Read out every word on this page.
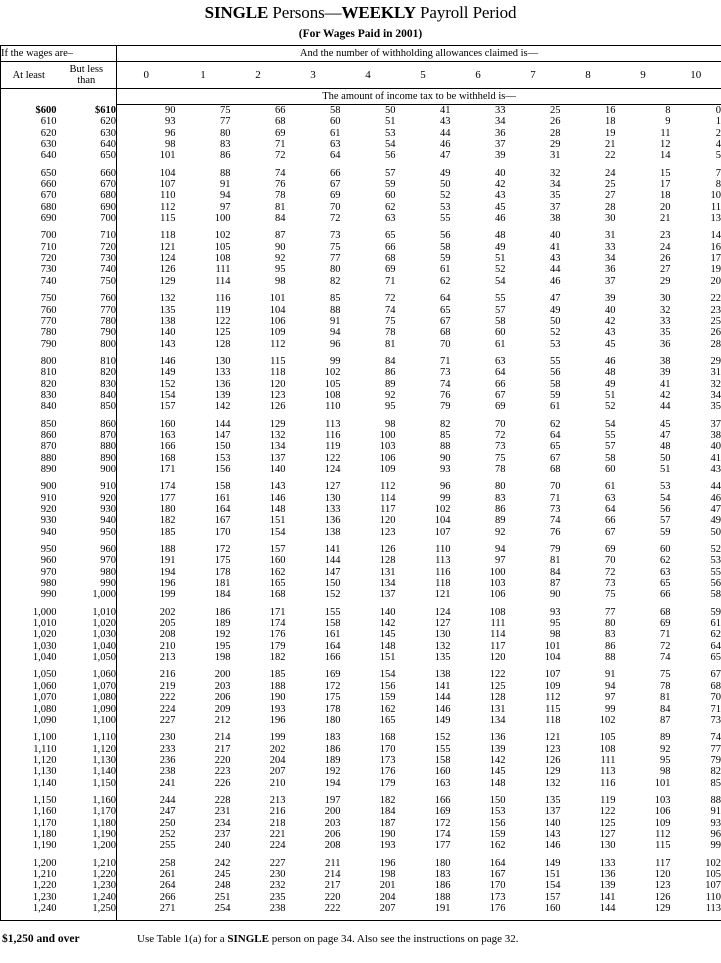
SINGLE Persons—WEEKLY Payroll Period
(For Wages Paid in 2001)
If the wages are–		And the number of withholding allowances claimed is—										
At least	But less
than	0	1	2	3	4	5	6	7	8	9	10
		The amount of income tax to be withheld is—										
$600	$610	90	75	66	58	50	41	33	25	16	8	0
610	620	93	77	68	60	51	43	34	26	18	9	1
620	630	96	80	69	61	53	44	36	28	19	11	2
630	640	98	83	71	63	54	46	37	29	21	12	4
640	650	101	86	72	64	56	47	39	31	22	14	5

650	660	104	88	74	66	57	49	40	32	24	15	7
660	670	107	91	76	67	59	50	42	34	25	17	8
670	680	110	94	78	69	60	52	43	35	27	18	10
680	690	112	97	81	70	62	53	45	37	28	20	11
690	700	115	100	84	72	63	55	46	38	30	21	13

700	710	118	102	87	73	65	56	48	40	31	23	14
710	720	121	105	90	75	66	58	49	41	33	24	16
720	730	124	108	92	77	68	59	51	43	34	26	17
730	740	126	111	95	80	69	61	52	44	36	27	19
740	750	129	114	98	82	71	62	54	46	37	29	20

750	760	132	116	101	85	72	64	55	47	39	30	22
760	770	135	119	104	88	74	65	57	49	40	32	23
770	780	138	122	106	91	75	67	58	50	42	33	25
780	790	140	125	109	94	78	68	60	52	43	35	26
790	800	143	128	112	96	81	70	61	53	45	36	28

800	810	146	130	115	99	84	71	63	55	46	38	29
810	820	149	133	118	102	86	73	64	56	48	39	31
820	830	152	136	120	105	89	74	66	58	49	41	32
830	840	154	139	123	108	92	76	67	59	51	42	34
840	850	157	142	126	110	95	79	69	61	52	44	35

850	860	160	144	129	113	98	82	70	62	54	45	37
860	870	163	147	132	116	100	85	72	64	55	47	38
870	880	166	150	134	119	103	88	73	65	57	48	40
880	890	168	153	137	122	106	90	75	67	58	50	41
890	900	171	156	140	124	109	93	78	68	60	51	43

900	910	174	158	143	127	112	96	80	70	61	53	44
910	920	177	161	146	130	114	99	83	71	63	54	46
920	930	180	164	148	133	117	102	86	73	64	56	47
930	940	182	167	151	136	120	104	89	74	66	57	49
940	950	185	170	154	138	123	107	92	76	67	59	50

950	960	188	172	157	141	126	110	94	79	69	60	52
960	970	191	175	160	144	128	113	97	81	70	62	53
970	980	194	178	162	147	131	116	100	84	72	63	55
980	990	196	181	165	150	134	118	103	87	73	65	56
990	1,000	199	184	168	152	137	121	106	90	75	66	58

1,000	1,010	202	186	171	155	140	124	108	93	77	68	59
1,010	1,020	205	189	174	158	142	127	111	95	80	69	61
1,020	1,030	208	192	176	161	145	130	114	98	83	71	62
1,030	1,040	210	195	179	164	148	132	117	101	86	72	64
1,040	1,050	213	198	182	166	151	135	120	104	88	74	65

1,050	1,060	216	200	185	169	154	138	122	107	91	75	67
1,060	1,070	219	203	188	172	156	141	125	109	94	78	68
1,070	1,080	222	206	190	175	159	144	128	112	97	81	70
1,080	1,090	224	209	193	178	162	146	131	115	99	84	71
1,090	1,100	227	212	196	180	165	149	134	118	102	87	73

1,100	1,110	230	214	199	183	168	152	136	121	105	89	74
1,110	1,120	233	217	202	186	170	155	139	123	108	92	77
1,120	1,130	236	220	204	189	173	158	142	126	111	95	79
1,130	1,140	238	223	207	192	176	160	145	129	113	98	82
1,140	1,150	241	226	210	194	179	163	148	132	116	101	85

1,150	1,160	244	228	213	197	182	166	150	135	119	103	88
1,160	1,170	247	231	216	200	184	169	153	137	122	106	91
1,170	1,180	250	234	218	203	187	172	156	140	125	109	93
1,180	1,190	252	237	221	206	190	174	159	143	127	112	96
1,190	1,200	255	240	224	208	193	177	162	146	130	115	99

1,200	1,210	258	242	227	211	196	180	164	149	133	117	102
1,210	1,220	261	245	230	214	198	183	167	151	136	120	105
1,220	1,230	264	248	232	217	201	186	170	154	139	123	107
1,230	1,240	266	251	235	220	204	188	173	157	141	126	110
1,240	1,250	271	254	238	222	207	191	176	160	144	129	113

$1,250 and over	Use Table 1(a) for a SINGLE person on page 34. Also see the instructions on page 32.
